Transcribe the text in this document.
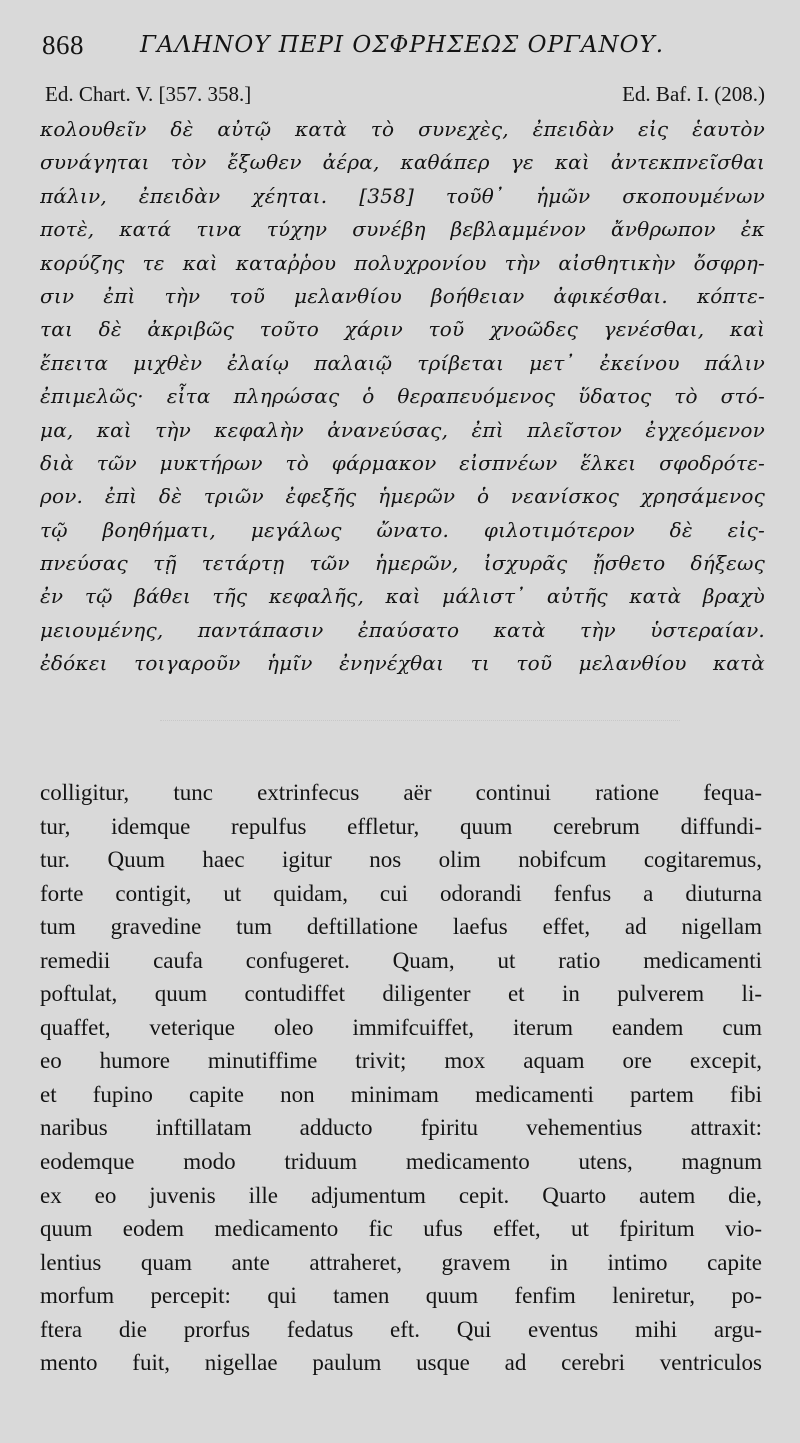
868 ΓΑΛΗΝΟΥ ΠΕΡΙ ΟΣΦΡΗΣΕΩΣ ΟΡΓΑΝΟΥ.
Ed. Chart. V. [357. 358.]	Ed. Baf. I. (208.)
κολουθεῖν δὲ αὐτῷ κατὰ τὸ συνεχὲς, ἐπειδὰν εἰς ἑαυτὸν
συνάγηται τὸν ἔξωθεν ἀέρα, καθάπερ γε καὶ ἀντεκπνεῖσθαι
πάλιν, ἐπειδὰν χέηται. [358] τοῦθ᾽ ἡμῶν σκοπουμένων
ποτὲ, κατά τινα τύχην συνέβη βεβλαμμένον ἄνθρωπον ἐκ
κορύζης τε καὶ καταῤῥου πολυχρονίου τὴν αἰσθητικὴν ὄσφρη-
σιν ἐπὶ τὴν τοῦ μελανθίου βοήθειαν ἀφικέσθαι. κόπτε-
ται δὲ ἀκριβῶς τοῦτο χάριν τοῦ χνοῶδες γενέσθαι, καὶ
ἔπειτα μιχθὲν ἐλαίῳ παλαιῷ τρίβεται μετ᾽ ἐκείνου πάλιν
ἐπιμελῶς· εἶτα πληρώσας ὁ θεραπευόμενος ὕδατος τὸ στό-
μα, καὶ τὴν κεφαλὴν ἀνανεύσας, ἐπὶ πλεῖστον ἐγχεόμενον
διὰ τῶν μυκτήρων τὸ φάρμακον εἰσπνέων ἕλκει σφοδρότε-
ρον. ἐπὶ δὲ τριῶν ἐφεξῆς ἡμερῶν ὁ νεανίσκος χρησάμενος
τῷ βοηθήματι, μεγάλως ὤνατο. φιλοτιμότερον δὲ εἰς-
πνεύσας τῇ τετάρτῃ τῶν ἡμερῶν, ἰσχυρᾶς ᾔσθετο δήξεως
ἐν τῷ βάθει τῆς κεφαλῆς, καὶ μάλιστ᾽ αὐτῆς κατὰ βραχὺ
μειουμένης, παντάπασιν ἐπαύσατο κατὰ τὴν ὑστεραίαν.
ἐδόκει τοιγαροῦν ἡμῖν ἐνηνέχθαι τι τοῦ μελανθίου κατὰ
colligitur, tunc extrinfecus aër continui ratione fequa-
tur, idemque repulfus effletur, quum cerebrum diffundi-
tur. Quum haec igitur nos olim nobifcum cogitaremus,
forte contigit, ut quidam, cui odorandi fenfus a diuturna
tum gravedine tum deftillatione laefus effet, ad nigellam
remedii caufa confugeret. Quam, ut ratio medicamenti
poftulat, quum contudiffet diligenter et in pulverem li-
quaffet, veterique oleo immifcuiffet, iterum eandem cum
eo humore minutiffime trivit; mox aquam ore excepit,
et fupino capite non minimam medicamenti partem fibi
naribus inftillatam adducto fpiritu vehementius attraxit:
eodemque modo triduum medicamento utens, magnum
ex eo juvenis ille adjumentum cepit. Quarto autem die,
quum eodem medicamento fic ufus effet, ut fpiritum vio-
lentius quam ante attraheret, gravem in intimo capite
morfum percepit: qui tamen quum fenfim leniretur, po-
ftera die prorfus fedatus eft. Qui eventus mihi argu-
mento fuit, nigellae paulum usque ad cerebri ventriculos
